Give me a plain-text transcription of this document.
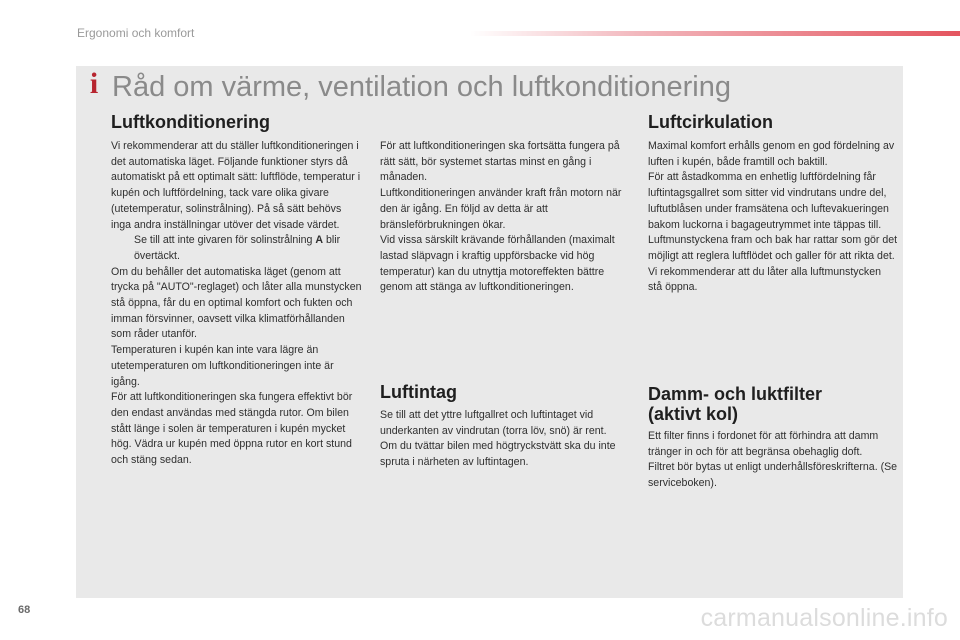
Ergonomi och komfort
i Råd om värme, ventilation och luftkonditionering
Luftkonditionering

Vi rekommenderar att du ställer luftkonditioneringen i det automatiska läget. Följande funktioner styrs då automatiskt på ett optimalt sätt: luftflöde, temperatur i kupén och luftfördelning, tack vare olika givare (utetemperatur, solinstrålning). På så sätt behövs inga andra inställningar utöver det visade värdet.

Se till att inte givaren för solinstrålning A blir övertäckt.

Om du behåller det automatiska läget (genom att trycka på "AUTO"-reglaget) och låter alla munstycken stå öppna, får du en optimal komfort och fukten och imman försvinner, oavsett vilka klimatförhållanden som råder utanför.

Temperaturen i kupén kan inte vara lägre än utetemperaturen om luftkonditioneringen inte är igång.

För att luftkonditioneringen ska fungera effektivt bör den endast användas med stängda rutor. Om bilen stått länge i solen är temperaturen i kupén mycket hög. Vädra ur kupén med öppna rutor en kort stund och stäng sedan.

För att luftkonditioneringen ska fortsätta fungera på rätt sätt, bör systemet startas minst en gång i månaden.

Luftkonditioneringen använder kraft från motorn när den är igång. En följd av detta är att bränsleförbrukningen ökar.

Vid vissa särskilt krävande förhållanden (maximalt lastad släpvagn i kraftig uppförsbacke vid hög temperatur) kan du utnyttja motoreffekten bättre genom att stänga av luftkonditioneringen.

Luftintag

Se till att det yttre luftgallret och luftintaget vid underkanten av vindrutan (torra löv, snö) är rent.

Om du tvättar bilen med högtryckstvätt ska du inte spruta i närheten av luftintagen.

Luftcirkulation

Maximal komfort erhålls genom en god fördelning av luften i kupén, både framtill och baktill.

För att åstadkomma en enhetlig luftfördelning får luftintagsgallret som sitter vid vindrutans undre del, luftutblåsen under framsätena och luftevakueringen bakom luckorna i bagageutrymmet inte täppas till.

Luftmunstyckena fram och bak har rattar som gör det möjligt att reglera luftflödet och galler för att rikta det. Vi rekommenderar att du låter alla luftmunstycken stå öppna.

Damm- och luktfilter
(aktivt kol)

Ett filter finns i fordonet för att förhindra att damm tränger in och för att begränsa obehaglig doft.

Filtret bör bytas ut enligt underhållsföreskrifterna. (Se serviceboken).

68	carmanualsonline.info
